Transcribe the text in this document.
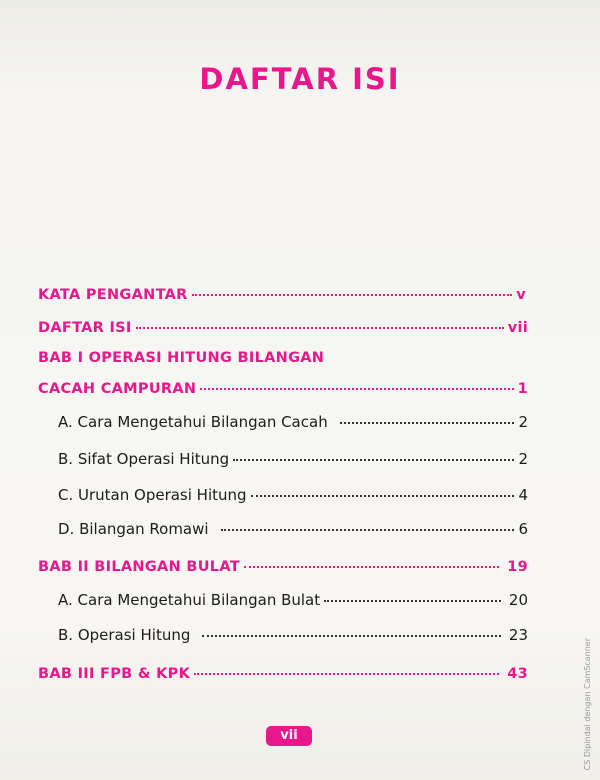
DAFTAR ISI
KATA PENGANTAR	v
DAFTAR ISI	vii
BAB I OPERASI HITUNG BILANGAN
CACAH CAMPURAN	1
A. Cara Mengetahui Bilangan Cacah	2
B. Sifat Operasi Hitung	2
C. Urutan Operasi Hitung	4
D. Bilangan Romawi	6
BAB II BILANGAN BULAT	19
A. Cara Mengetahui Bilangan Bulat	20
B. Operasi Hitung	23
BAB III FPB & KPK	43
vii	CS Dipindai dengan CamScanner
